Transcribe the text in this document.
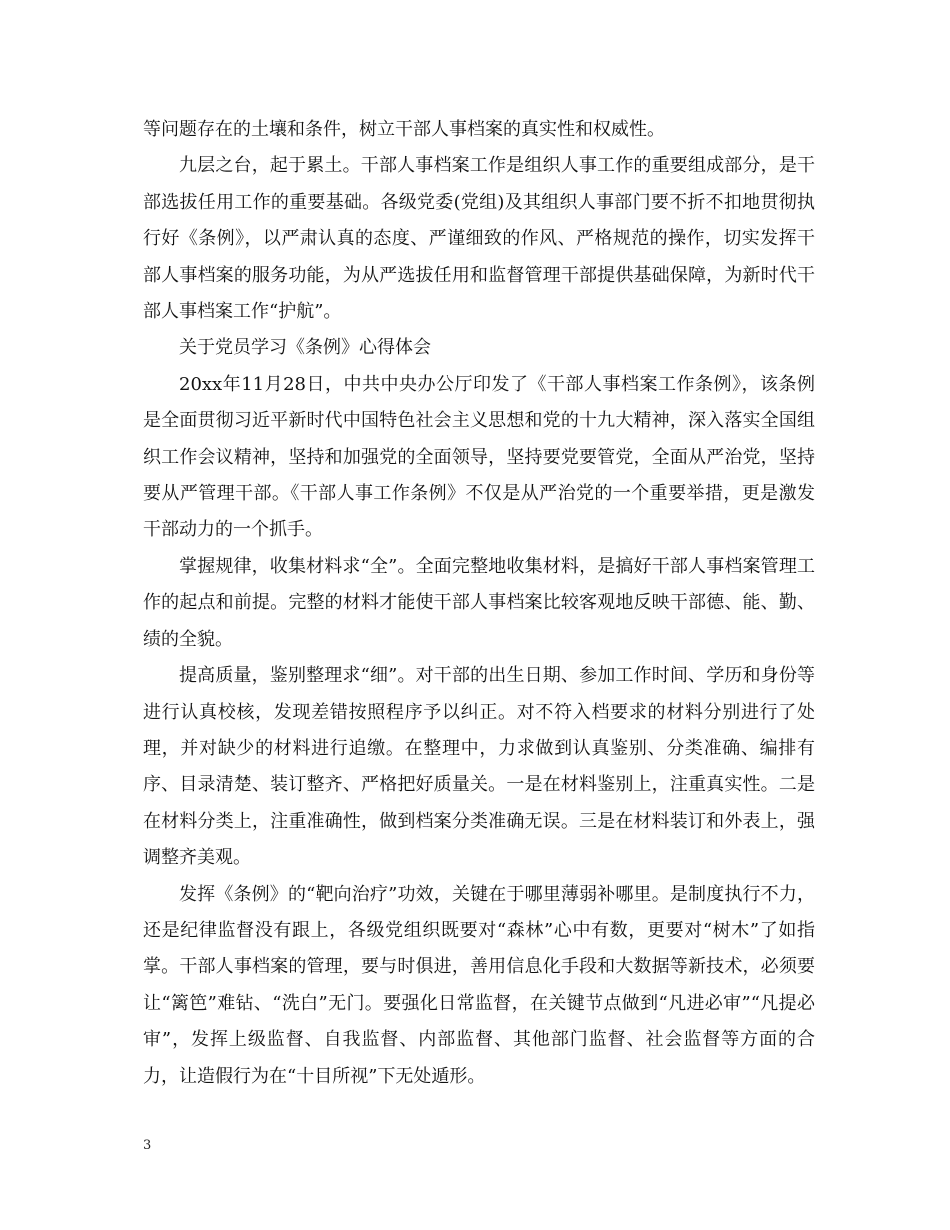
等问题存在的土壤和条件，树立干部人事档案的真实性和权威性。

九层之台，起于累土。干部人事档案工作是组织人事工作的重要组成部分，是干部选拔任用工作的重要基础。各级党委(党组)及其组织人事部门要不折不扣地贯彻执行好《条例》，以严肃认真的态度、严谨细致的作风、严格规范的操作，切实发挥干部人事档案的服务功能，为从严选拔任用和监督管理干部提供基础保障，为新时代干部人事档案工作“护航”。

关于党员学习《条例》心得体会

20xx年11月28日，中共中央办公厅印发了《干部人事档案工作条例》，该条例是全面贯彻习近平新时代中国特色社会主义思想和党的十九大精神，深入落实全国组织工作会议精神，坚持和加强党的全面领导，坚持要党要管党，全面从严治党，坚持要从严管理干部。《干部人事工作条例》不仅是从严治党的一个重要举措，更是激发干部动力的一个抓手。

掌握规律，收集材料求“全”。全面完整地收集材料，是搞好干部人事档案管理工作的起点和前提。完整的材料才能使干部人事档案比较客观地反映干部德、能、勤、绩的全貌。

提高质量，鉴别整理求“细”。对干部的出生日期、参加工作时间、学历和身份等进行认真校核，发现差错按照程序予以纠正。对不符入档要求的材料分别进行了处理，并对缺少的材料进行追缴。在整理中，力求做到认真鉴别、分类准确、编排有序、目录清楚、装订整齐、严格把好质量关。一是在材料鉴别上，注重真实性。二是在材料分类上，注重准确性，做到档案分类准确无误。三是在材料装订和外表上，强调整齐美观。

发挥《条例》的“靶向治疗”功效，关键在于哪里薄弱补哪里。是制度执行不力，还是纪律监督没有跟上，各级党组织既要对“森林”心中有数，更要对“树木”了如指掌。干部人事档案的管理，要与时俱进，善用信息化手段和大数据等新技术，必须要让“篱笆”难钻、“洗白”无门。要强化日常监督，在关键节点做到“凡进必审”“凡提必审”，发挥上级监督、自我监督、内部监督、其他部门监督、社会监督等方面的合力，让造假行为在“十目所视”下无处遁形。

3
